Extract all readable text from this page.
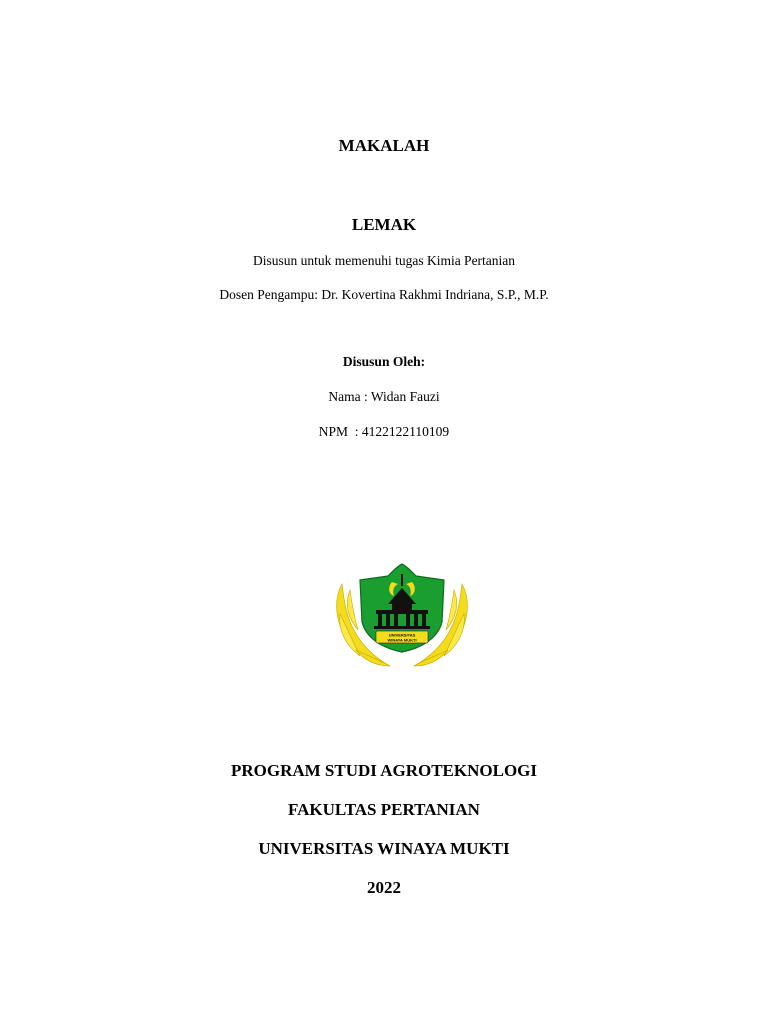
MAKALAH
LEMAK
Disusun untuk memenuhi tugas Kimia Pertanian
Dosen Pengampu: Dr. Kovertina Rakhmi Indriana, S.P., M.P.
Disusun Oleh:
Nama : Widan Fauzi
NPM  : 4122122110109
UNIVERSITAS
WINAYA MUKTI
PROGRAM STUDI AGROTEKNOLOGI
FAKULTAS PERTANIAN
UNIVERSITAS WINAYA MUKTI
2022
